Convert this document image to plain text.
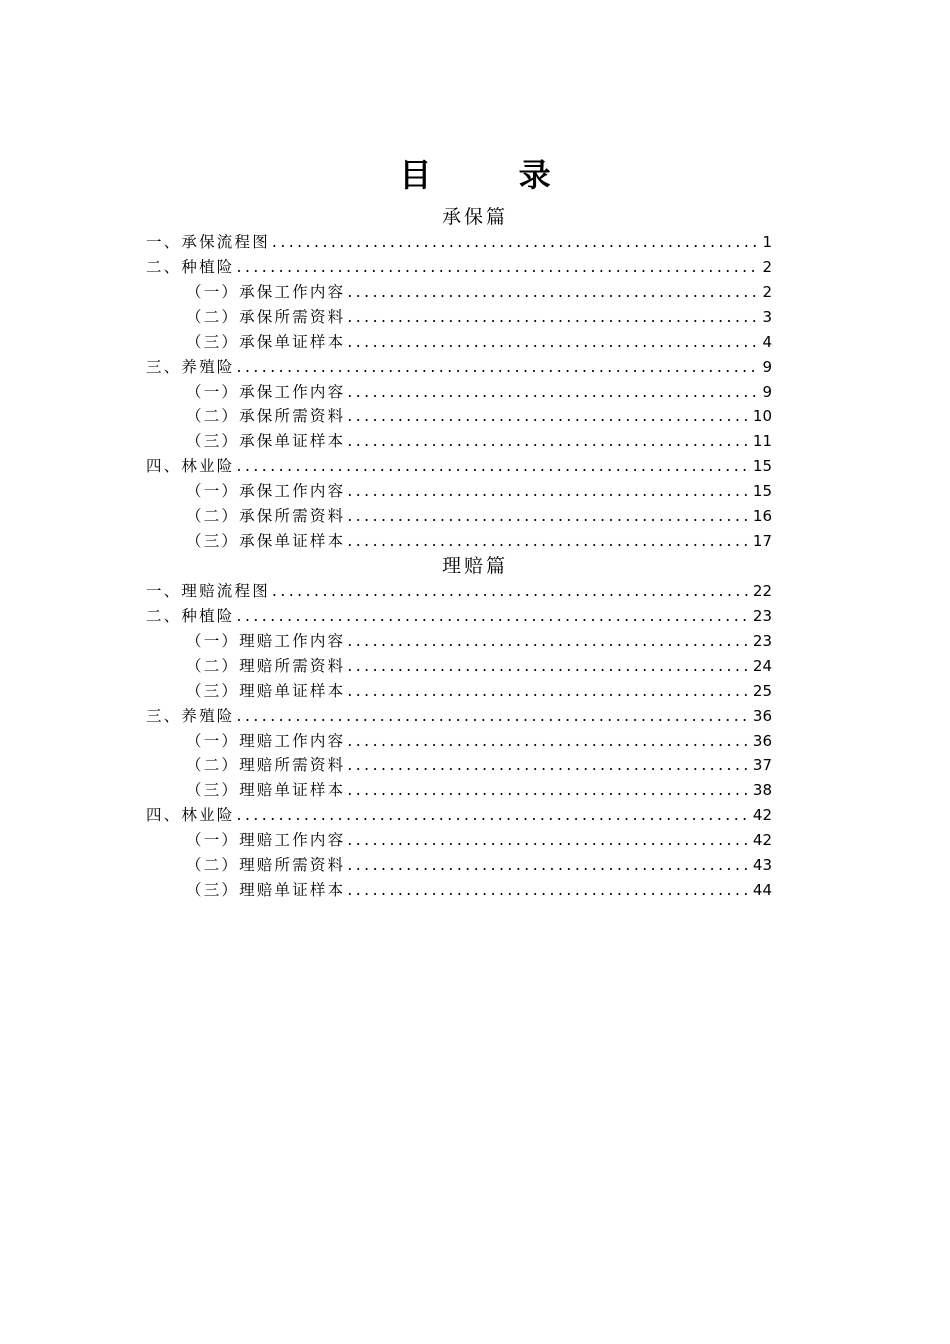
目 录
承保篇
一、承保流程图 .....	1
二、种植险 .....	2
（一）承保工作内容 .....	2
（二）承保所需资料 .....	3
（三）承保单证样本 .....	4
三、养殖险 .....	9
（一）承保工作内容 .....	9
（二）承保所需资料 .....	10
（三）承保单证样本 .....	11
四、林业险 .....	15
（一）承保工作内容 .....	15
（二）承保所需资料 .....	16
（三）承保单证样本 .....	17
理赔篇
一、理赔流程图 .....	22
二、种植险 .....	23
（一）理赔工作内容 .....	23
（二）理赔所需资料 .....	24
（三）理赔单证样本 .....	25
三、养殖险 .....	36
（一）理赔工作内容 .....	36
（二）理赔所需资料 .....	37
（三）理赔单证样本 .....	38
四、林业险 .....	42
（一）理赔工作内容 .....	42
（二）理赔所需资料 .....	43
（三）理赔单证样本 .....	44
